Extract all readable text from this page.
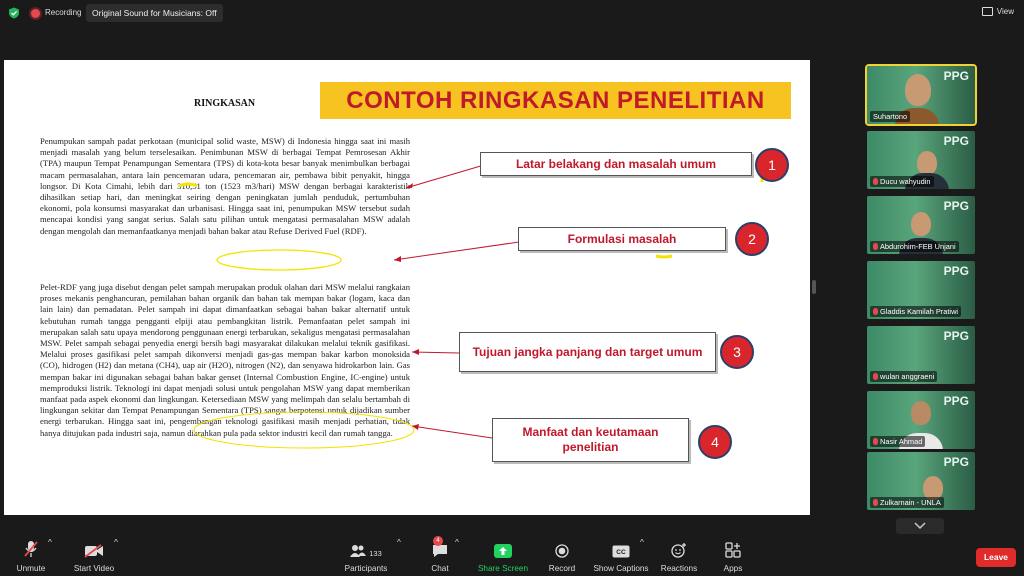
Recording	Original Sound for Musicians: Off	View
RINGKASAN	CONTOH RINGKASAN PENELITIAN
Penumpukan sampah padat perkotaan (municipal solid waste, MSW) di Indonesia hingga saat ini masih menjadi masalah yang belum terselesaikan. Penimbunan MSW di berbagai Tempat Pemrosesan Akhir (TPA) maupun Tempat Penampungan Sementara (TPS) di kota-kota besar banyak menimbulkan berbagai macam permasalahan, antara lain pencemaran udara, pencemaran air, pembawa bibit penyakit, hingga longsor. Di Kota Cimahi, lebih dari 310,51 ton (1523 m3/hari) MSW dengan berbagai karakteristik dihasilkan setiap hari, dan meningkat seiring dengan peningkatan jumlah penduduk, pertumbuhan ekonomi, pola konsumsi masyarakat dan urbanisasi. Hingga saat ini, penumpukan MSW tersebut sudah mencapai kondisi yang sangat serius. Salah satu pilihan untuk mengatasi permasalahan MSW adalah dengan mengolah dan memanfaatkanya menjadi bahan bakar atau Refuse Derived Fuel (RDF).
Pelet-RDF yang juga disebut dengan pelet sampah merupakan produk olahan dari MSW melalui rangkaian proses mekanis penghancuran, pemilahan bahan organik dan bahan tak mempan bakar (logam, kaca dan lain lain) dan pemadatan. Pelet sampah ini dapat dimanfaatkan sebagai bahan bakar alternatif untuk kebutuhan rumah tangga pengganti elpiji atau pembangkitan listrik. Pemanfaatan pelet sampah ini merupakan salah satu upaya mendorong penggunaan energi terbarukan, sekaligus mengatasi permasalahan MSW. Pelet sampah sebagai penyedia energi bersih bagi masyarakat dilakukan melalui teknik gasifikasi. Melalui proses gasifikasi pelet sampah dikonversi menjadi gas-gas mempan bakar karbon monoksida (CO), hidrogen (H2) dan metana (CH4), uap air (H2O), nitrogen (N2), dan senyawa hidrokarbon lain. Gas mempan bakar ini digunakan sebagai bahan bakar genset (Internal Combustion Engine, IC-engine) untuk memproduksi listrik. Teknologi ini dapat menjadi solusi untuk pengolahan MSW yang dapat memberikan manfaat pada aspek ekonomi dan lingkungan. Ketersediaan MSW yang melimpah dan selalu bertambah di lingkungan sekitar dan Tempat Penampungan Sementara (TPS) sangat berpotensi untuk dijadikan sumber energi terbarukan. Hingga saat ini, pengembangan teknologi gasifikasi masih menjadi perhatian, tidak hanya ditujukan pada industri saja, namun diarahkan pula pada sektor industri kecil dan rumah tangga.
Latar belakang dan masalah umum	1
Formulasi masalah	2
Tujuan jangka panjang dan target umum	3
Manfaat dan keutamaan penelitian	4
PPG
Suhartono
PPG
Ducu wahyudin
PPG
Abdurohim-FEB Unjani
PPG
Gladdis Kamilah Pratiwi
PPG
wulan anggraeni
PPG
Nasir Ahmad
PPG
Zulkarnain - UNLA
Unmute
^
Start Video
^
133
Participants
^	4
Chat
^
Share Screen	Record
CC
Show Captions
^
Reactions	Apps
Leave
